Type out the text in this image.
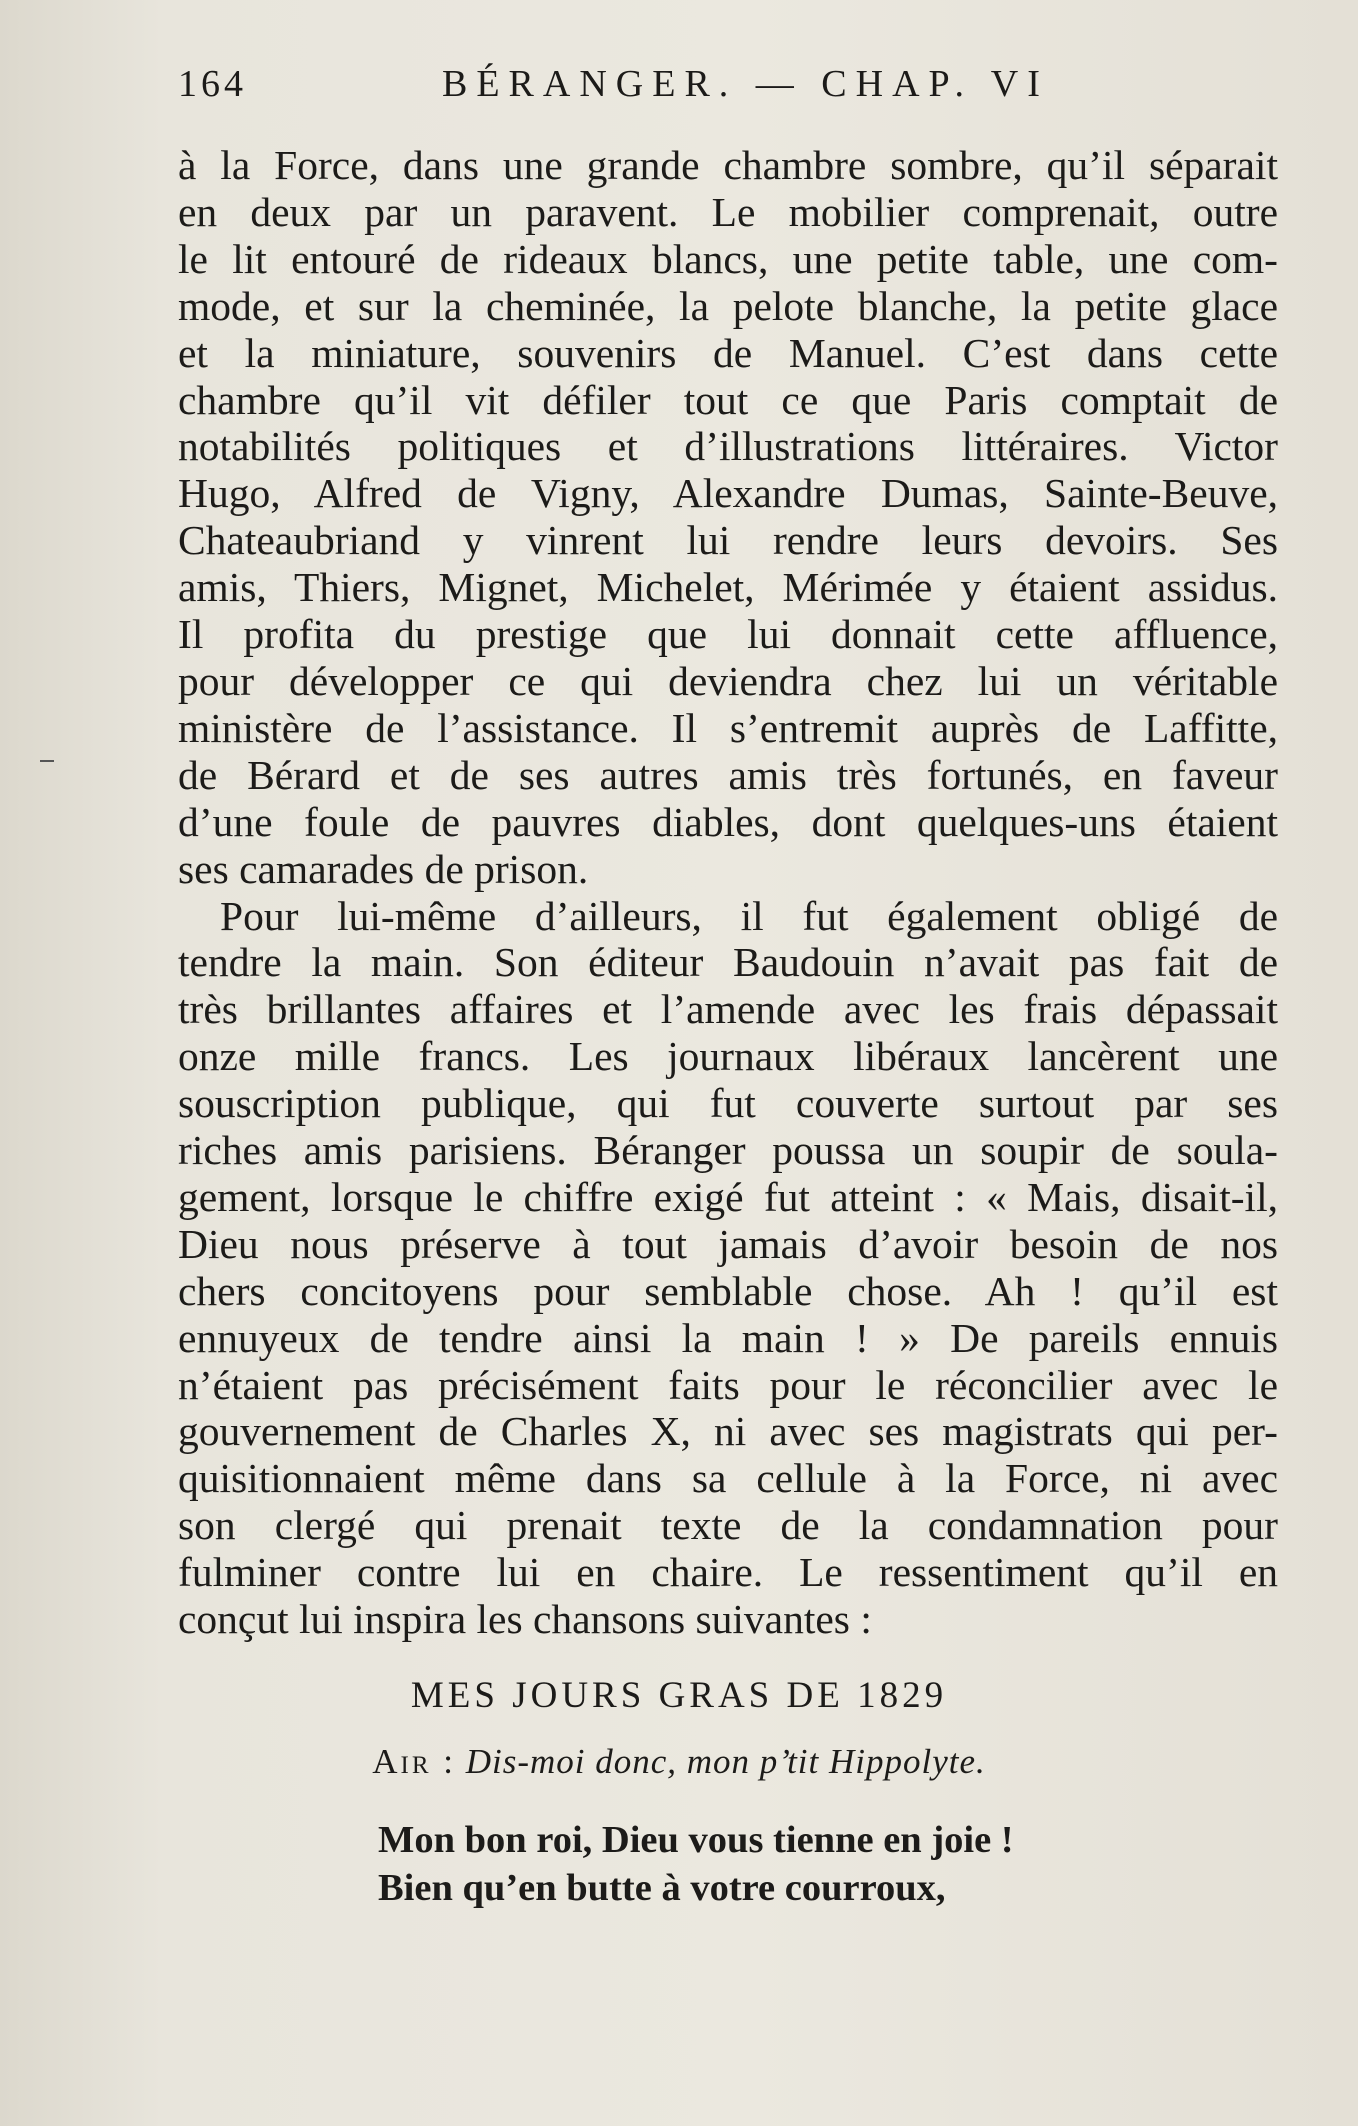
164	BÉRANGER. — CHAP. VI
à la Force, dans une grande chambre sombre, qu’il séparait
en deux par un paravent. Le mobilier comprenait, outre
le lit entouré de rideaux blancs, une petite table, une com-
mode, et sur la cheminée, la pelote blanche, la petite glace
et la miniature, souvenirs de Manuel. C’est dans cette
chambre qu’il vit défiler tout ce que Paris comptait de
notabilités politiques et d’illustrations littéraires. Victor
Hugo, Alfred de Vigny, Alexandre Dumas, Sainte-Beuve,
Chateaubriand y vinrent lui rendre leurs devoirs. Ses
amis, Thiers, Mignet, Michelet, Mérimée y étaient assidus.
Il profita du prestige que lui donnait cette affluence,
pour développer ce qui deviendra chez lui un véritable
ministère de l’assistance. Il s’entremit auprès de Laffitte,
de Bérard et de ses autres amis très fortunés, en faveur
d’une foule de pauvres diables, dont quelques-uns étaient
ses camarades de prison.
Pour lui-même d’ailleurs, il fut également obligé de
tendre la main. Son éditeur Baudouin n’avait pas fait de
très brillantes affaires et l’amende avec les frais dépassait
onze mille francs. Les journaux libéraux lancèrent une
souscription publique, qui fut couverte surtout par ses
riches amis parisiens. Béranger poussa un soupir de soula-
gement, lorsque le chiffre exigé fut atteint : « Mais, disait-il,
Dieu nous préserve à tout jamais d’avoir besoin de nos
chers concitoyens pour semblable chose. Ah ! qu’il est
ennuyeux de tendre ainsi la main ! » De pareils ennuis
n’étaient pas précisément faits pour le réconcilier avec le
gouvernement de Charles X, ni avec ses magistrats qui per-
quisitionnaient même dans sa cellule à la Force, ni avec
son clergé qui prenait texte de la condamnation pour
fulminer contre lui en chaire. Le ressentiment qu’il en
conçut lui inspira les chansons suivantes :
MES JOURS GRAS DE 1829
Air : Dis-moi donc, mon p’tit Hippolyte.
Mon bon roi, Dieu vous tienne en joie !
Bien qu’en butte à votre courroux,
